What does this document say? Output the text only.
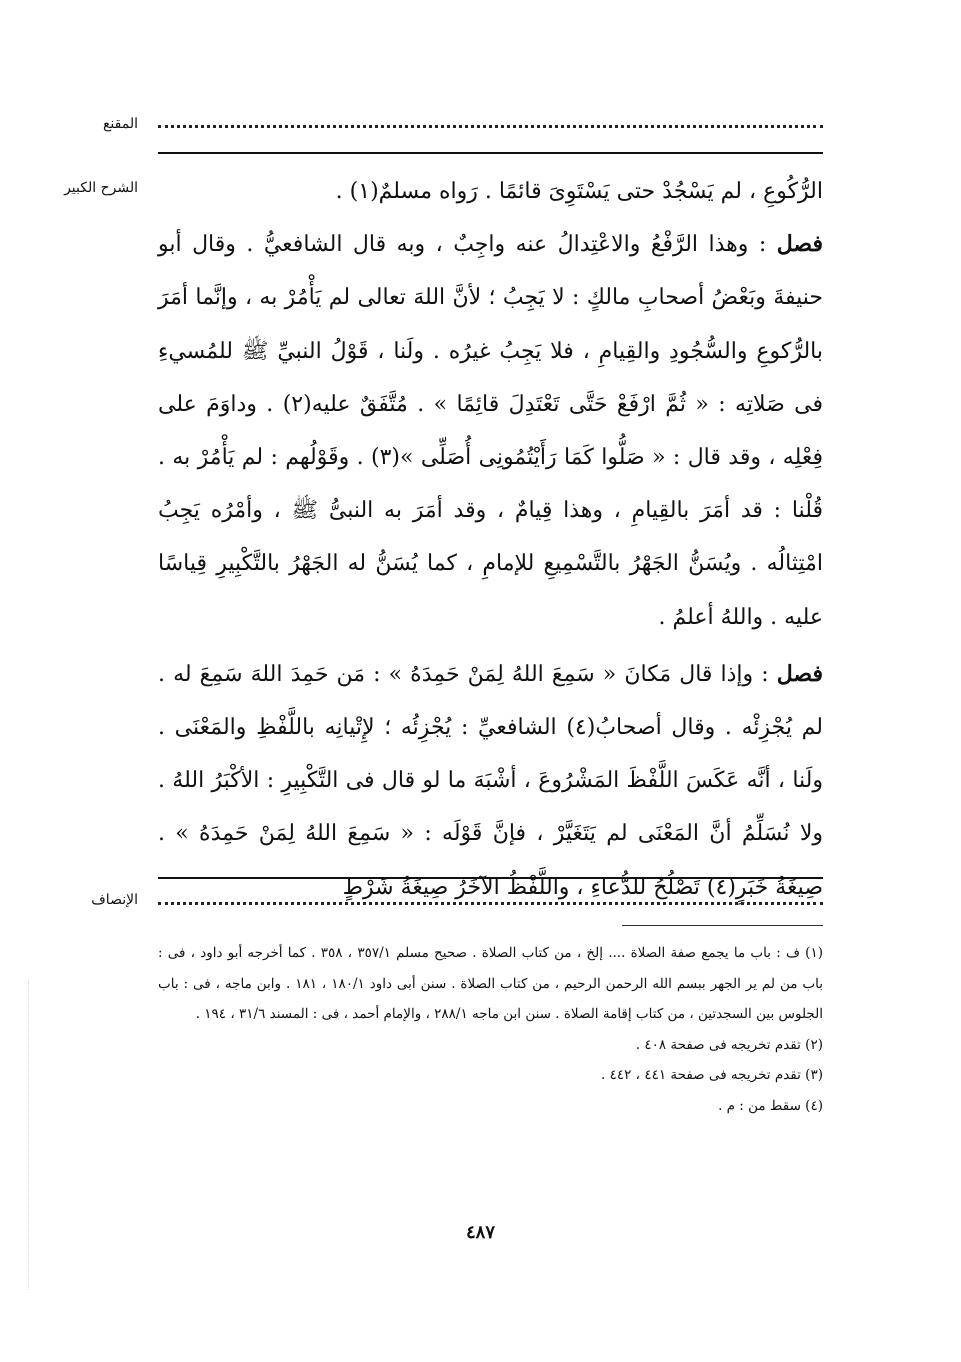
المقنع
الشرح الكبير	الرُّكُوعِ ، لم يَسْجُدْ حتى يَسْتَوِىَ قائمًا . رَواه مسلمٌ(١) .

فصل : وهذا الرَّفْعُ والاعْتِدالُ عنه واجِبٌ ، وبه قال الشافعيُّ . وقال أبو حنيفةَ وبَعْضُ أصحابِ مالكٍ : لا يَجِبُ ؛ لأنَّ اللهَ تعالى لم يَأْمُرْ به ، وإنَّما أمَرَ بالرُّكوعِ والسُّجُودِ والقِيامِ ، فلا يَجِبُ غيرُه . ولَنا ، قَوْلُ النبيِّ ﷺ للمُسيءِ فى صَلاتِه : « ثُمَّ ارْفَعْ حَتَّى تَعْتَدِلَ قائِمًا » . مُتَّفَقٌ عليه(٢) . وداوَمَ على فِعْلِه ، وقد قال : « صَلُّوا كَمَا رَأَيْتُمُونِى أُصَلِّى »(٣) . وقَوْلُهم : لم يَأْمُرْ به . قُلْنا : قد أمَرَ بالقِيامِ ، وهذا قِيامٌ ، وقد أمَرَ به النبىُّ ﷺ ، وأمْرُه يَجِبُ امْتِثالُه . ويُسَنُّ الجَهْرُ بالتَّسْمِيعِ للإمامِ ، كما يُسَنُّ له الجَهْرُ بالتَّكْبِيرِ قِياسًا عليه . واللهُ أعلمُ .

فصل : وإذا قال مَكانَ « سَمِعَ اللهُ لِمَنْ حَمِدَهُ » : مَن حَمِدَ اللهَ سَمِعَ له . لم يُجْزِئْه . وقال أصحابُ(٤) الشافعيِّ : يُجْزِئُه ؛ لإِتْيانِه باللَّفْظِ والمَعْنَى . ولَنا ، أنَّه عَكَسَ اللَّفْظَ المَشْرُوعَ ، أشْبَهَ ما لو قال فى التَّكْبِيرِ : الأكْبَرُ اللهُ . ولا نُسَلِّمُ أنَّ المَعْنَى لم يَتَغَيَّرْ ، فإنَّ قَوْلَه : « سَمِعَ اللهُ لِمَنْ حَمِدَهُ » . صِيغَةُ خَبَرٍ(٤) تَصْلُحُ للدُّعاءِ ، واللَّفْظُ الآخَرُ صِيغَةُ شَرْطٍ

الإنصاف

(١) ف : باب ما يجمع صفة الصلاة .... إلخ ، من كتاب الصلاة . صحيح مسلم ٣٥٧/١ ، ٣٥٨ . كما أخرجه أبو داود ، فى : باب من لم ير الجهر ببسم الله الرحمن الرحيم ، من كتاب الصلاة . سنن أبى داود ١٨٠/١ ، ١٨١ . وابن ماجه ، فى : باب الجلوس بين السجدتين ، من كتاب إقامة الصلاة . سنن ابن ماجه ٢٨٨/١ ، والإمام أحمد ، فى : المسند ٣١/٦ ، ١٩٤ .

(٢) تقدم تخريجه فى صفحة ٤٠٨ .

(٣) تقدم تخريجه فى صفحة ٤٤١ ، ٤٤٢ .

(٤) سقط من : م .

٤٨٧
